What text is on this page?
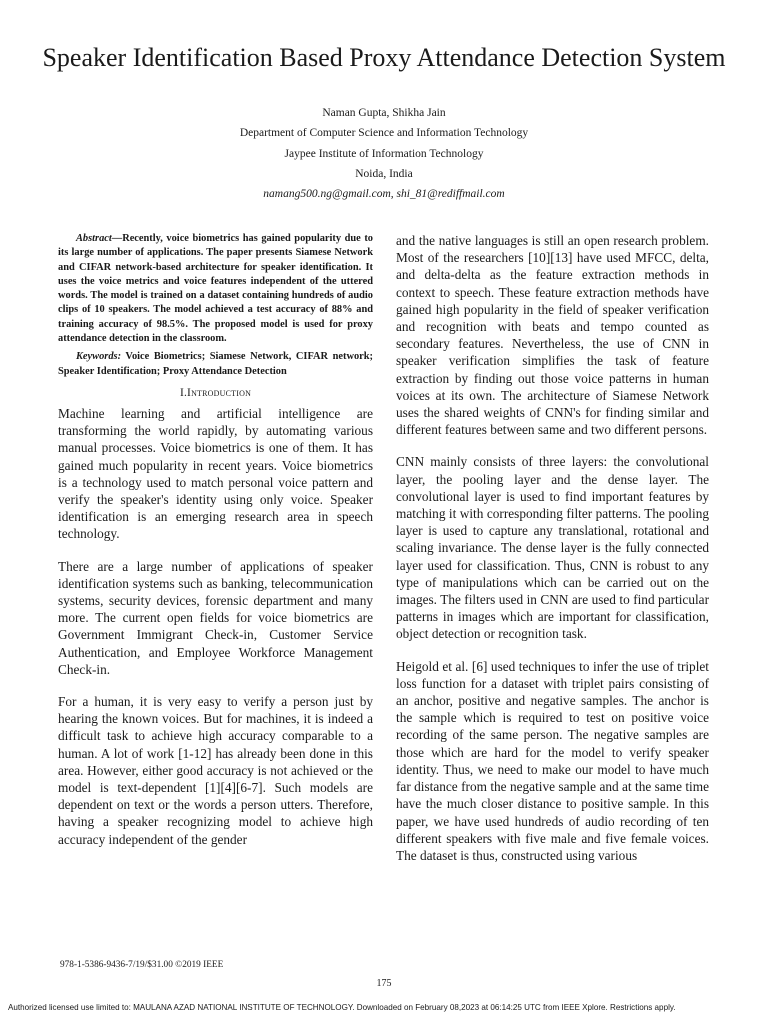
Speaker Identification Based Proxy Attendance Detection System
Naman Gupta, Shikha Jain
Department of Computer Science and Information Technology
Jaypee Institute of Information Technology
Noida, India
namang500.ng@gmail.com, shi_81@rediffmail.com

Abstract—Recently, voice biometrics has gained popularity due to its large number of applications. The paper presents Siamese Network and CIFAR network-based architecture for speaker identification. It uses the voice metrics and voice features independent of the uttered words. The model is trained on a dataset containing hundreds of audio clips of 10 speakers. The model achieved a test accuracy of 88% and training accuracy of 98.5%. The proposed model is used for proxy attendance detection in the classroom.

Keywords: Voice Biometrics; Siamese Network, CIFAR network; Speaker Identification; Proxy Attendance Detection

I.Introduction

Machine learning and artificial intelligence are transforming the world rapidly, by automating various manual processes. Voice biometrics is one of them. It has gained much popularity in recent years. Voice biometrics is a technology used to match personal voice pattern and verify the speaker's identity using only voice. Speaker identification is an emerging research area in speech technology.

There are a large number of applications of speaker identification systems such as banking, telecommunication systems, security devices, forensic department and many more. The current open fields for voice biometrics are Government Immigrant Check-in, Customer Service Authentication, and Employee Workforce Management Check-in.

For a human, it is very easy to verify a person just by hearing the known voices. But for machines, it is indeed a difficult task to achieve high accuracy comparable to a human. A lot of work [1-12] has already been done in this area. However, either good accuracy is not achieved or the model is text-dependent [1][4][6-7]. Such models are dependent on text or the words a person utters. Therefore, having a speaker recognizing model to achieve high accuracy independent of the gender

and the native languages is still an open research problem. Most of the researchers [10][13] have used MFCC, delta, and delta-delta as the feature extraction methods in context to speech. These feature extraction methods have gained high popularity in the field of speaker verification and recognition with beats and tempo counted as secondary features. Nevertheless, the use of CNN in speaker verification simplifies the task of feature extraction by finding out those voice patterns in human voices at its own. The architecture of Siamese Network uses the shared weights of CNN's for finding similar and different features between same and two different persons.

CNN mainly consists of three layers: the convolutional layer, the pooling layer and the dense layer. The convolutional layer is used to find important features by matching it with corresponding filter patterns. The pooling layer is used to capture any translational, rotational and scaling invariance. The dense layer is the fully connected layer used for classification. Thus, CNN is robust to any type of manipulations which can be carried out on the images. The filters used in CNN are used to find particular patterns in images which are important for classification, object detection or recognition task.

Heigold et al. [6] used techniques to infer the use of triplet loss function for a dataset with triplet pairs consisting of an anchor, positive and negative samples. The anchor is the sample which is required to test on positive voice recording of the same person. The negative samples are those which are hard for the model to verify speaker identity. Thus, we need to make our model to have much far distance from the negative sample and at the same time have the much closer distance to positive sample. In this paper, we have used hundreds of audio recording of ten different speakers with five male and five female voices. The dataset is thus, constructed using various

978-1-5386-9436-7/19/$31.00 ©2019 IEEE
175
Authorized licensed use limited to: MAULANA AZAD NATIONAL INSTITUTE OF TECHNOLOGY. Downloaded on February 08,2023 at 06:14:25 UTC from IEEE Xplore. Restrictions apply.
